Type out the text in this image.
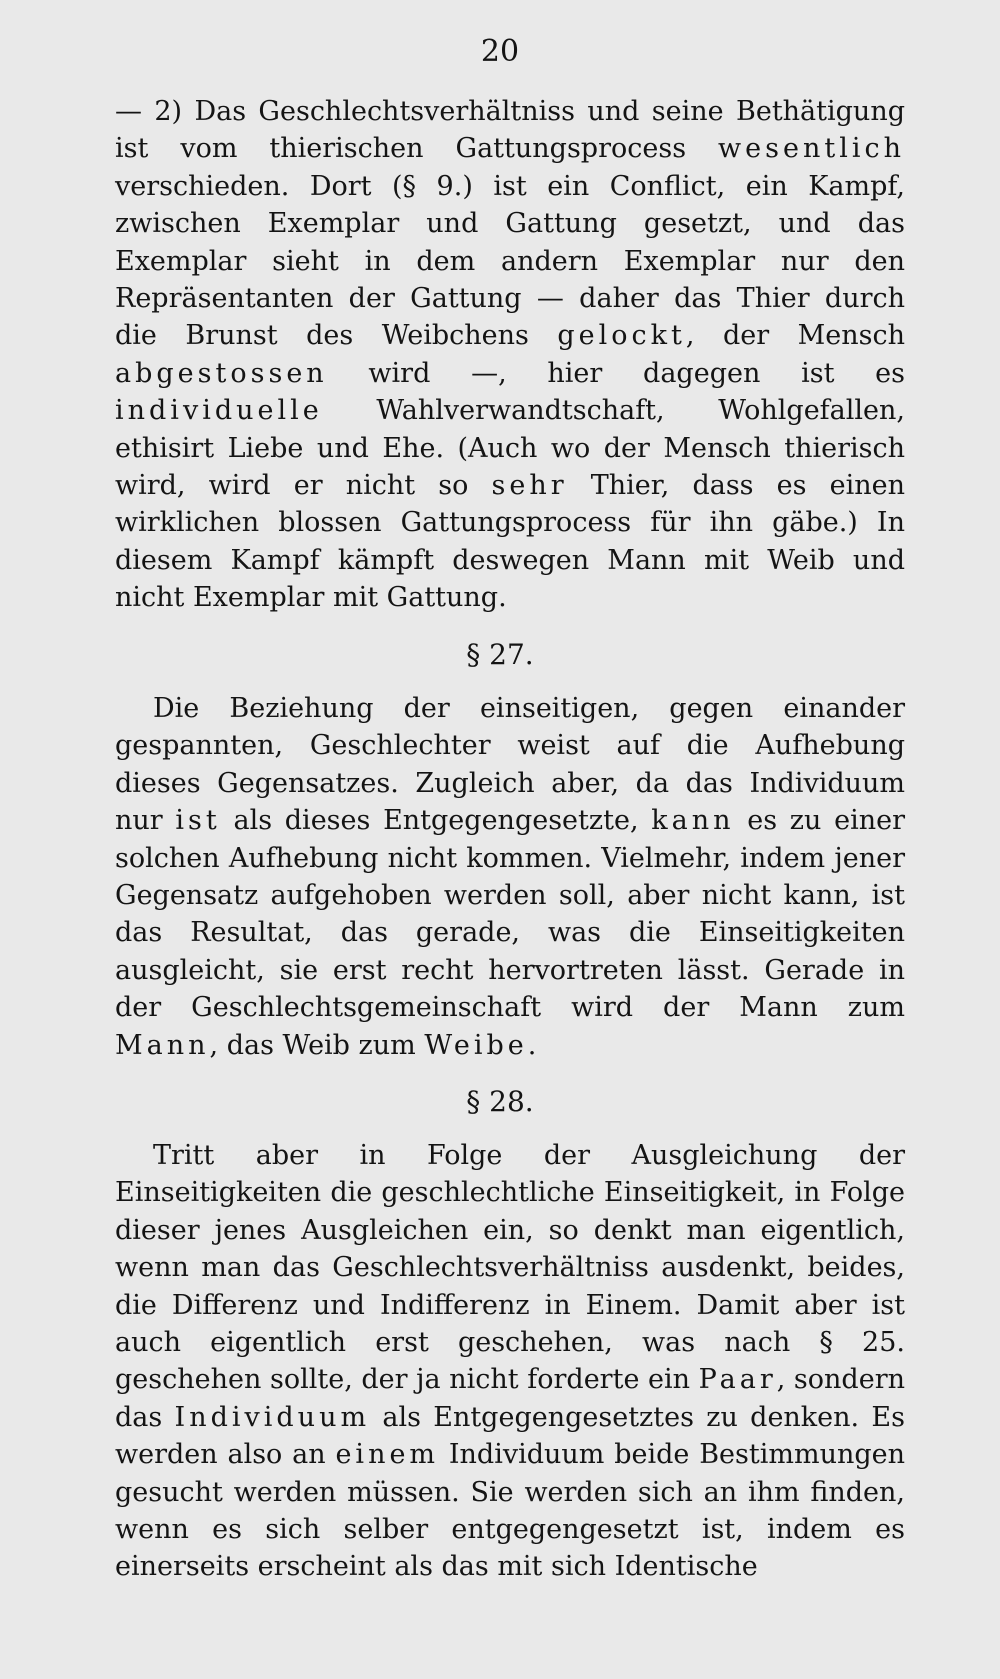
20

— 2) Das Geschlechtsverhältniss und seine Bethätigung ist vom thierischen Gattungsprocess wesentlich verschieden. Dort (§ 9.) ist ein Conflict, ein Kampf, zwischen Exemplar und Gattung gesetzt, und das Exemplar sieht in dem andern Exemplar nur den Repräsentanten der Gattung — daher das Thier durch die Brunst des Weibchens gelockt, der Mensch abgestossen wird —, hier dagegen ist es individuelle Wahlverwandtschaft, Wohlgefallen, ethisirt Liebe und Ehe. (Auch wo der Mensch thierisch wird, wird er nicht so sehr Thier, dass es einen wirklichen blossen Gattungsprocess für ihn gäbe.) In diesem Kampf kämpft deswegen Mann mit Weib und nicht Exemplar mit Gattung.

§ 27.

Die Beziehung der einseitigen, gegen einander gespannten, Geschlechter weist auf die Aufhebung dieses Gegensatzes. Zugleich aber, da das Individuum nur ist als dieses Entgegengesetzte, kann es zu einer solchen Aufhebung nicht kommen. Vielmehr, indem jener Gegensatz aufgehoben werden soll, aber nicht kann, ist das Resultat, das gerade, was die Einseitigkeiten ausgleicht, sie erst recht hervortreten lässt. Gerade in der Geschlechtsgemeinschaft wird der Mann zum Mann, das Weib zum Weibe.

§ 28.

Tritt aber in Folge der Ausgleichung der Einseitigkeiten die geschlechtliche Einseitigkeit, in Folge dieser jenes Ausgleichen ein, so denkt man eigentlich, wenn man das Geschlechtsverhältniss ausdenkt, beides, die Differenz und Indifferenz in Einem. Damit aber ist auch eigentlich erst geschehen, was nach § 25. geschehen sollte, der ja nicht forderte ein Paar, sondern das Individuum als Entgegengesetztes zu denken. Es werden also an einem Individuum beide Bestimmungen gesucht werden müssen. Sie werden sich an ihm finden, wenn es sich selber entgegengesetzt ist, indem es einerseits erscheint als das mit sich Identische
